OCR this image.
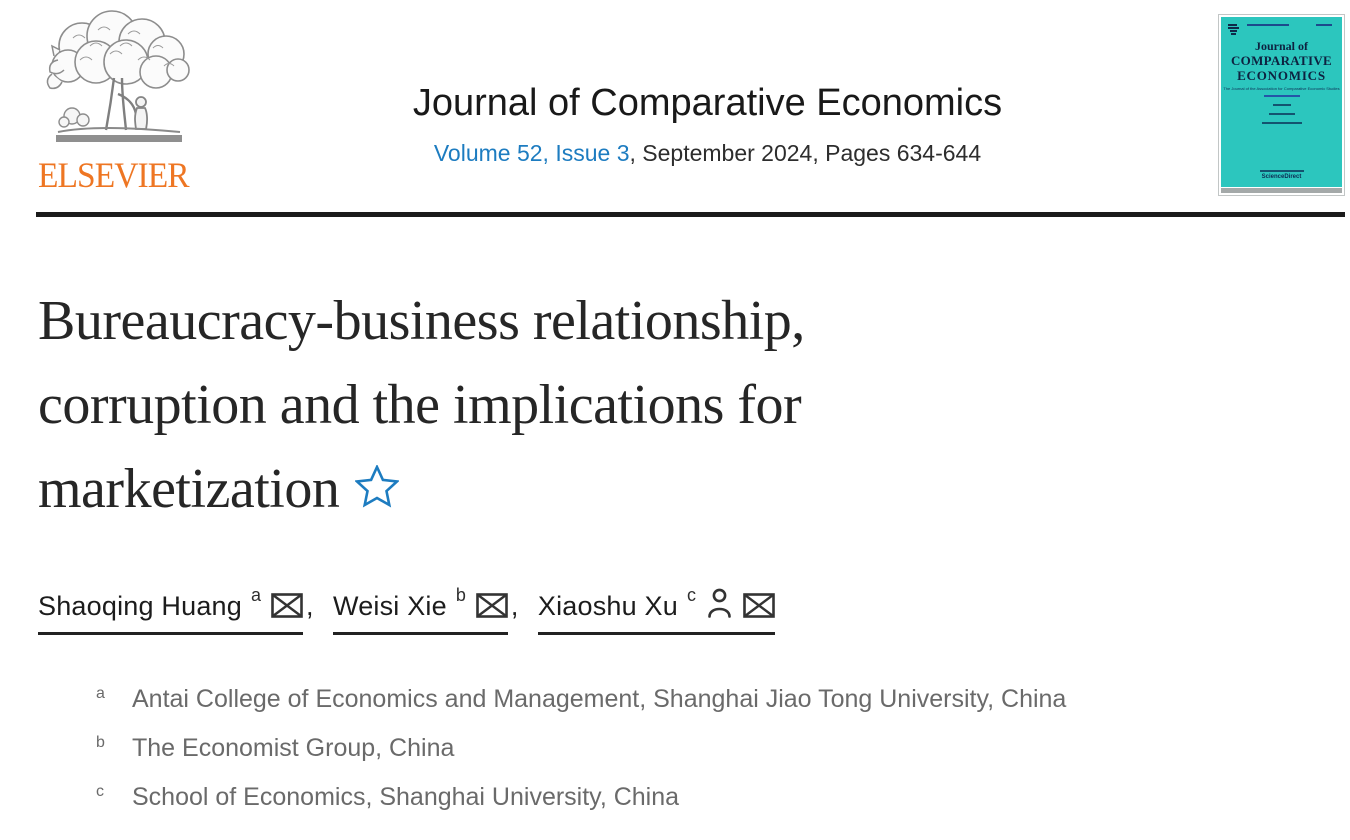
ELSEVIER
Journal of Comparative Economics
Volume 52, Issue 3, September 2024, Pages 634-644
Journal of
COMPARATIVE
ECONOMICS
The Journal of the Association for Comparative Economic Studies
ScienceDirect
Bureaucracy-business relationship,
corruption and the implications for
marketization
Shaoqing Huang $^a$ , Weisi Xie $^b$ , Xiaoshu Xu $^c$
a Antai College of Economics and Management, Shanghai Jiao Tong University, China
b The Economist Group, China
c	School of Economics, Shanghai University, China
